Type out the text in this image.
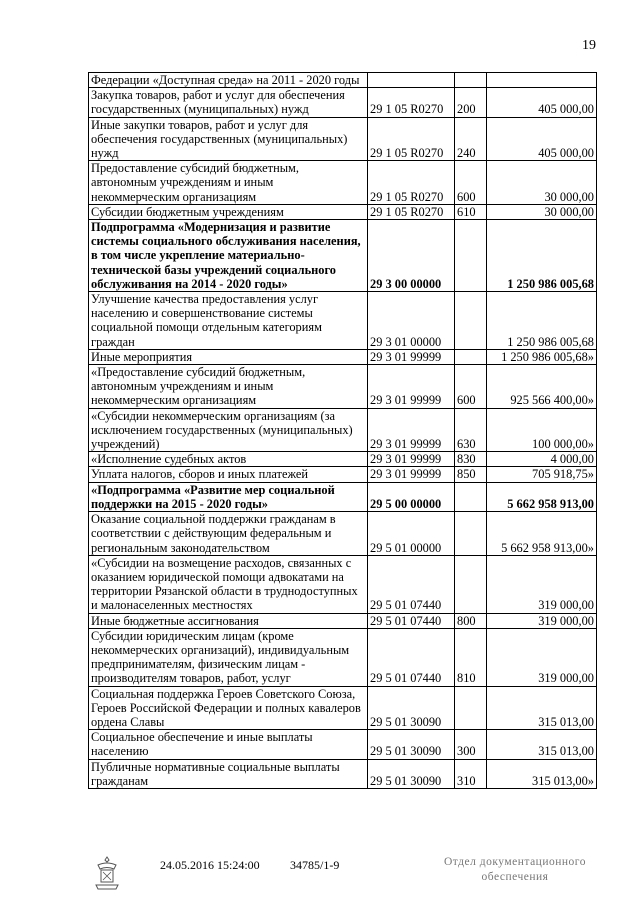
19
Федерации «Доступная среда» на 2011 - 2020 годы			
Закупка товаров, работ и услуг для обеспечения государственных (муниципальных) нужд	29 1 05 R0270	200	405 000,00
Иные закупки товаров, работ и услуг для обеспечения государственных (муниципальных) нужд	29 1 05 R0270	240	405 000,00
Предоставление субсидий бюджетным, автономным учреждениям и иным некоммерческим организациям	29 1 05 R0270	600	30 000,00
Субсидии бюджетным учреждениям	29 1 05 R0270	610	30 000,00
Подпрограмма «Модернизация и развитие системы социального обслуживания населения, в том числе укрепление материально-технической базы учреждений социального обслуживания на 2014 - 2020 годы»	29 3 00 00000		1 250 986 005,68
Улучшение качества предоставления услуг населению и совершенствование системы социальной помощи отдельным категориям граждан	29 3 01 00000		1 250 986 005,68
Иные мероприятия	29 3 01 99999		1 250 986 005,68»
«Предоставление субсидий бюджетным, автономным учреждениям и иным некоммерческим организациям	29 3 01 99999	600	925 566 400,00»
«Субсидии некоммерческим организациям (за исключением государственных (муниципальных) учреждений)	29 3 01 99999	630	100 000,00»
«Исполнение судебных актов	29 3 01 99999	830	4 000,00
Уплата налогов, сборов и иных платежей	29 3 01 99999	850	705 918,75»
«Подпрограмма «Развитие мер социальной поддержки на 2015 - 2020 годы»	29 5 00 00000		5 662 958 913,00
Оказание социальной поддержки гражданам в соответствии с действующим федеральным и региональным законодательством	29 5 01 00000		5 662 958 913,00»
«Субсидии на возмещение расходов, связанных с оказанием юридической помощи адвокатами на территории Рязанской области в труднодоступных и малонаселенных местностях	29 5 01 07440		319 000,00
Иные бюджетные ассигнования	29 5 01 07440	800	319 000,00
Субсидии юридическим лицам (кроме некоммерческих организаций), индивидуальным предпринимателям, физическим лицам - производителям товаров, работ, услуг	29 5 01 07440	810	319 000,00
Социальная поддержка Героев Советского Союза, Героев Российской Федерации и полных кавалеров ордена Славы	29 5 01 30090		315 013,00
Социальное обеспечение и иные выплаты населению	29 5 01 30090	300	315 013,00
Публичные нормативные социальные выплаты гражданам	29 5 01 30090	310	315 013,00»
24.05.2016 15:24:00	34785/1-9	Отдел документационного
обеспечения
